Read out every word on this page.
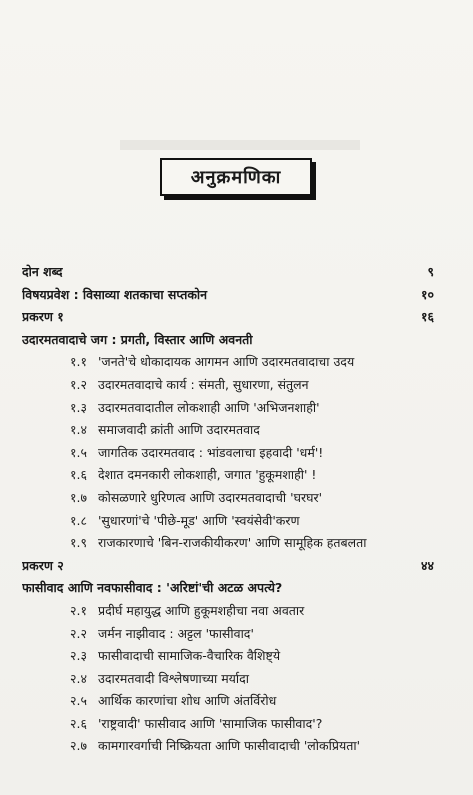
अनुक्रमणिका
दोन शब्द	९
विषयप्रवेश : विसाव्या शतकाचा सप्तकोन	१०
प्रकरण १	१६
उदारमतवादाचे जग : प्रगती, विस्तार आणि अवनती
१.१ 'जनते'चे धोकादायक आगमन आणि उदारमतवादाचा उदय
१.२ उदारमतवादाचे कार्य : संमती, सुधारणा, संतुलन
१.३ उदारमतवादातील लोकशाही आणि 'अभिजनशाही'
१.४ समाजवादी क्रांती आणि उदारमतवाद
१.५ जागतिक उदारमतवाद : भांडवलाचा इहवादी 'धर्म'!
१.६ देशात दमनकारी लोकशाही, जगात 'हुकूमशाही' !
१.७ कोसळणारे धुरिणत्व आणि उदारमतवादाची 'घरघर'
१.८ 'सुधारणां'चे 'पीछे-मूड' आणि 'स्वयंसेवी'करण
१.९ राजकारणाचे 'बिन-राजकीयीकरण' आणि सामूहिक हतबलता
प्रकरण २	४४
फासीवाद आणि नवफासीवाद : 'अरिष्टां'ची अटळ अपत्ये?
२.१ प्रदीर्घ महायुद्ध आणि हुकूमशहीचा नवा अवतार
२.२ जर्मन नाझीवाद : अट्टल 'फासीवाद'
२.३ फासीवादाची सामाजिक-वैचारिक वैशिष्ट्ये
२.४ उदारमतवादी विश्लेषणाच्या मर्यादा
२.५ आर्थिक कारणांचा शोध आणि अंतर्विरोध
२.६ 'राष्ट्रवादी' फासीवाद आणि 'सामाजिक फासीवाद'?
२.७ कामगारवर्गाची निष्क्रियता आणि फासीवादाची 'लोकप्रियता'
